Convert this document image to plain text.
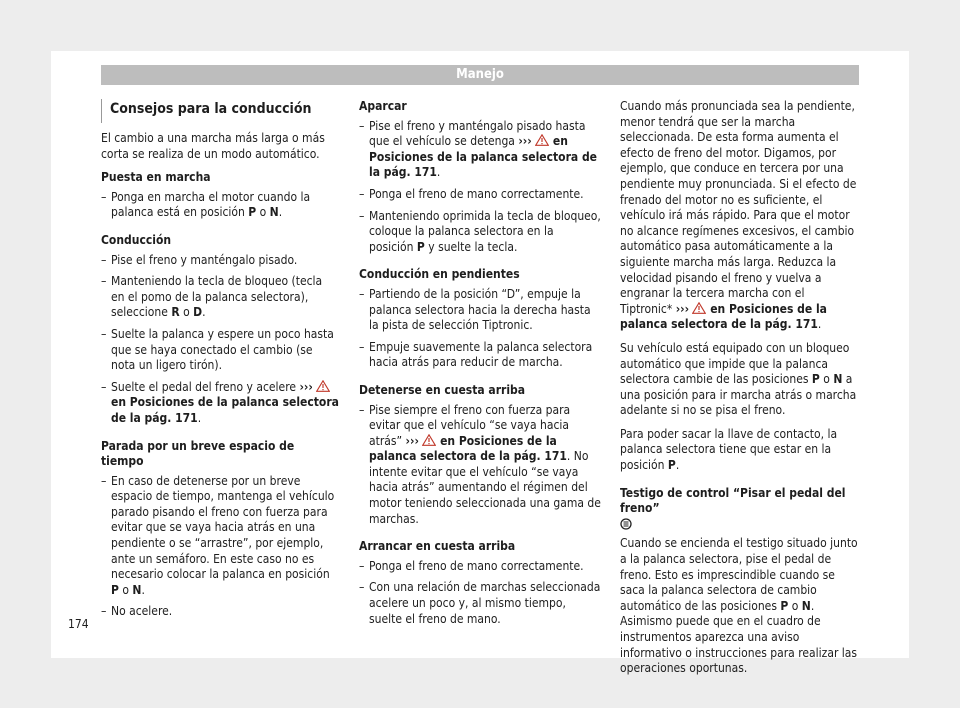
Manejo
Consejos para la conducción

El cambio a una marcha más larga o más corta se realiza de un modo automático.

Puesta en marcha
– Ponga en marcha el motor cuando la palanca está en posición P o N.
Conducción
– Pise el freno y manténgalo pisado.
– Manteniendo la tecla de bloqueo (tecla en el pomo de la palanca selectora), seleccione R o D.
– Suelte la palanca y espere un poco hasta que se haya conectado el cambio (se nota un ligero tirón).
– Suelte el pedal del freno y acelere ›››  en Posiciones de la palanca selectora de la pág. 171.
Parada por un breve espacio de tiempo
– En caso de detenerse por un breve espacio de tiempo, mantenga el vehículo parado pisando el freno con fuerza para evitar que se vaya hacia atrás en una pendiente o se “arrastre”, por ejemplo, ante un semáforo. En este caso no es necesario colocar la palanca en posición P o N.
– No acelere.
Aparcar
– Pise el freno y manténgalo pisado hasta que el vehículo se detenga ›››  en Posiciones de la palanca selectora de la pág. 171.
– Ponga el freno de mano correctamente.
– Manteniendo oprimida la tecla de bloqueo, coloque la palanca selectora en la posición P y suelte la tecla.
Conducción en pendientes
– Partiendo de la posición “D”, empuje la palanca selectora hacia la derecha hasta la pista de selección Tiptronic.
– Empuje suavemente la palanca selectora hacia atrás para reducir de marcha.
Detenerse en cuesta arriba
– Pise siempre el freno con fuerza para evitar que el vehículo “se vaya hacia atrás” ›››  en Posiciones de la palanca selectora de la pág. 171. No intente evitar que el vehículo “se vaya hacia atrás” aumentando el régimen del motor teniendo seleccionada una gama de marchas.
Arrancar en cuesta arriba
– Ponga el freno de mano correctamente.
– Con una relación de marchas seleccionada acelere un poco y, al mismo tiempo, suelte el freno de mano.

Cuando más pronunciada sea la pendiente, menor tendrá que ser la marcha seleccionada. De esta forma aumenta el efecto de freno del motor. Digamos, por ejemplo, que conduce en tercera por una pendiente muy pronunciada. Si el efecto de frenado del motor no es suficiente, el vehículo irá más rápido. Para que el motor no alcance regímenes excesivos, el cambio automático pasa automáticamente a la siguiente marcha más larga. Reduzca la velocidad pisando el freno y vuelva a engranar la tercera marcha con el Tiptronic* ›››  en Posiciones de la palanca selectora de la pág. 171.

Su vehículo está equipado con un bloqueo automático que impide que la palanca selectora cambie de las posiciones P o N a una posición para ir marcha atrás o marcha adelante si no se pisa el freno.

Para poder sacar la llave de contacto, la palanca selectora tiene que estar en la posición P.

Testigo de control “Pisar el pedal del freno”

Cuando se encienda el testigo situado junto a la palanca selectora, pise el pedal de freno. Esto es imprescindible cuando se saca la palanca selectora de cambio automático de las posiciones P o N. Asimismo puede que en el cuadro de instrumentos aparezca una aviso informativo o instrucciones para realizar las operaciones oportunas.

174
